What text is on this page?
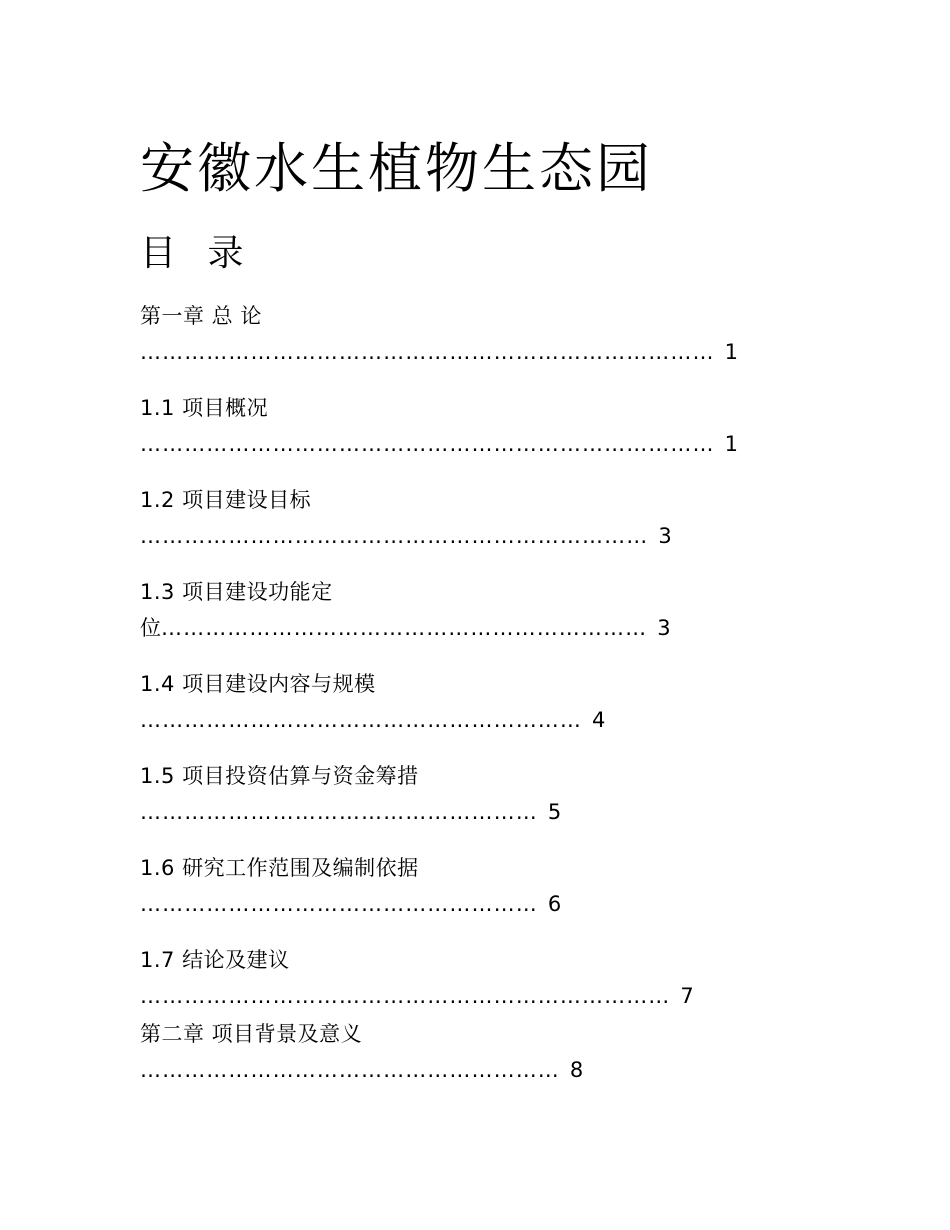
安徽水生植物生态园
目 录
第一章 总 论
…………………………………………………………………… 1
1.1 项目概况
…………………………………………………………………… 1
1.2 项目建设目标
…………………………………………………………… 3
1.3 项目建设功能定
位………………………………………………………… 3
1.4 项目建设内容与规模
…………………………………………………… 4
1.5 项目投资估算与资金筹措
……………………………………………… 5
1.6 研究工作范围及编制依据
……………………………………………… 6
1.7 结论及建议
……………………………………………………………… 7
第二章 项目背景及意义
………………………………………………… 8
